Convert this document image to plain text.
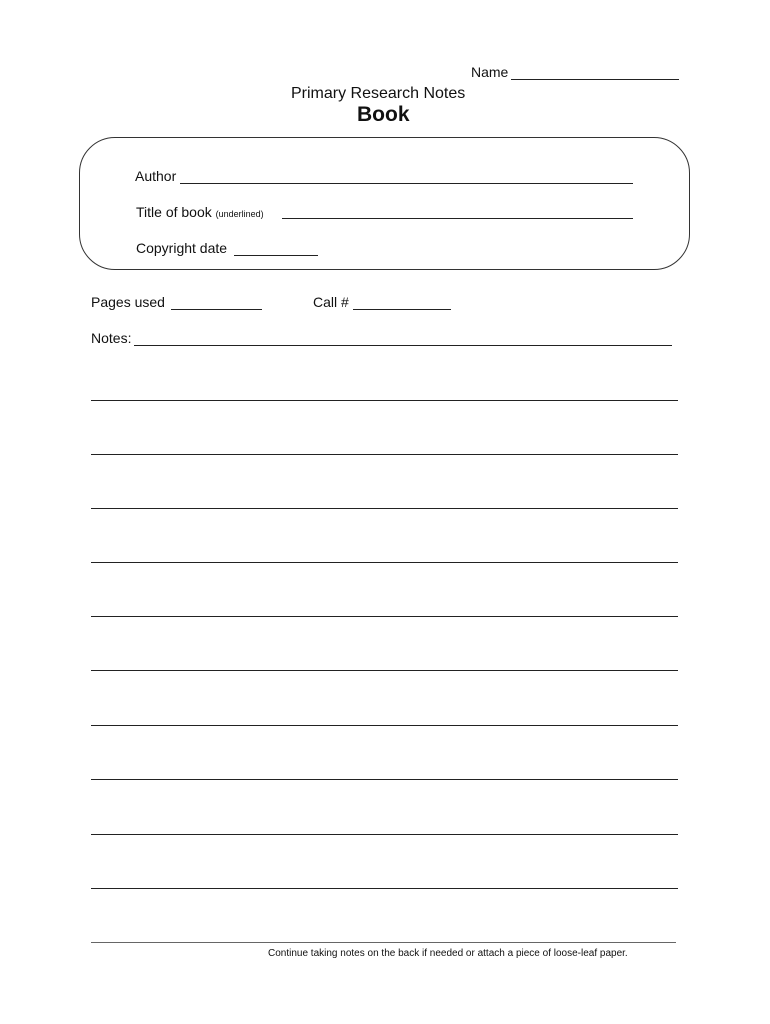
Name
Primary Research Notes
Book
Author
Title of book (underlined)
Copyright date
Pages used	Call #
Notes:
Continue taking notes on the back if needed or attach a piece of loose-leaf paper.
